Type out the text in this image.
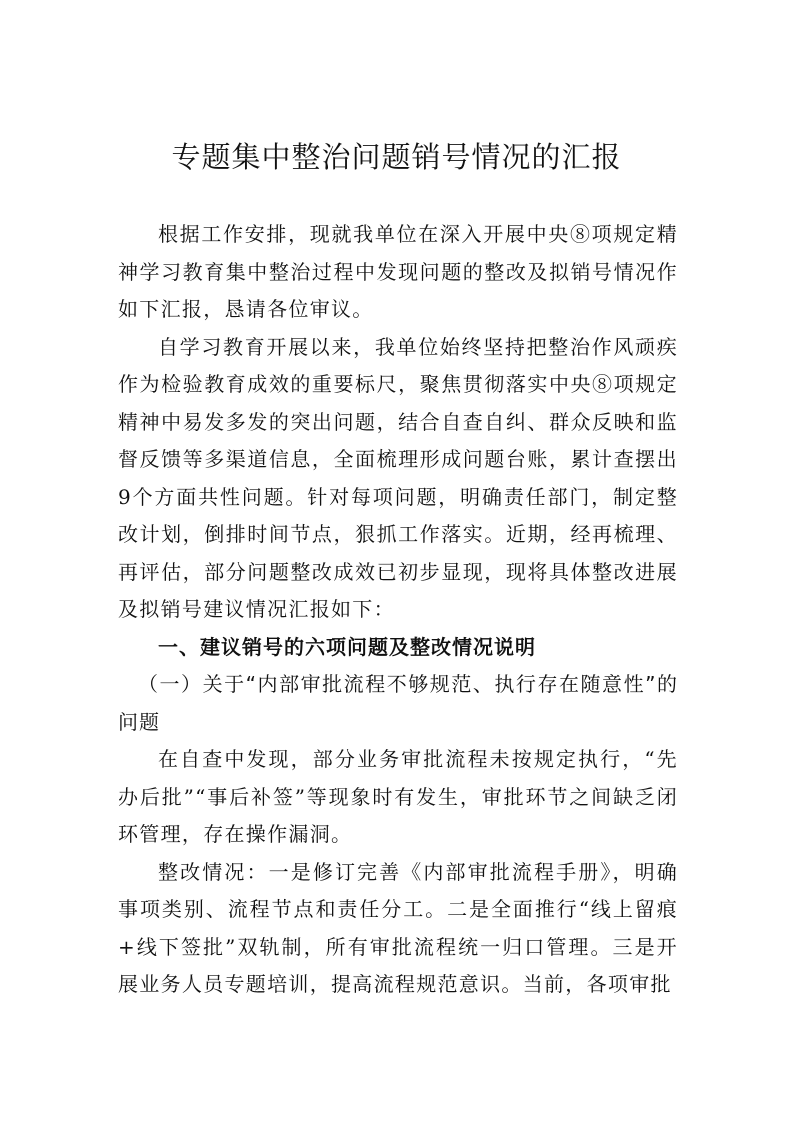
专题集中整治问题销号情况的汇报

根据工作安排，现就我单位在深入开展中央⑧项规定精神学习教育集中整治过程中发现问题的整改及拟销号情况作如下汇报，恳请各位审议。

自学习教育开展以来，我单位始终坚持把整治作风顽疾作为检验教育成效的重要标尺，聚焦贯彻落实中央⑧项规定精神中易发多发的突出问题，结合自查自纠、群众反映和监督反馈等多渠道信息，全面梳理形成问题台账，累计查摆出9个方面共性问题。针对每项问题，明确责任部门，制定整改计划，倒排时间节点，狠抓工作落实。近期，经再梳理、再评估，部分问题整改成效已初步显现，现将具体整改进展及拟销号建议情况汇报如下：

一、建议销号的六项问题及整改情况说明

（一）关于“内部审批流程不够规范、执行存在随意性”的问题

在自查中发现，部分业务审批流程未按规定执行，“先办后批”“事后补签”等现象时有发生，审批环节之间缺乏闭环管理，存在操作漏洞。

整改情况：一是修订完善《内部审批流程手册》，明确事项类别、流程节点和责任分工。二是全面推行“线上留痕+线下签批”双轨制，所有审批流程统一归口管理。三是开展业务人员专题培训，提高流程规范意识。当前，各项审批
